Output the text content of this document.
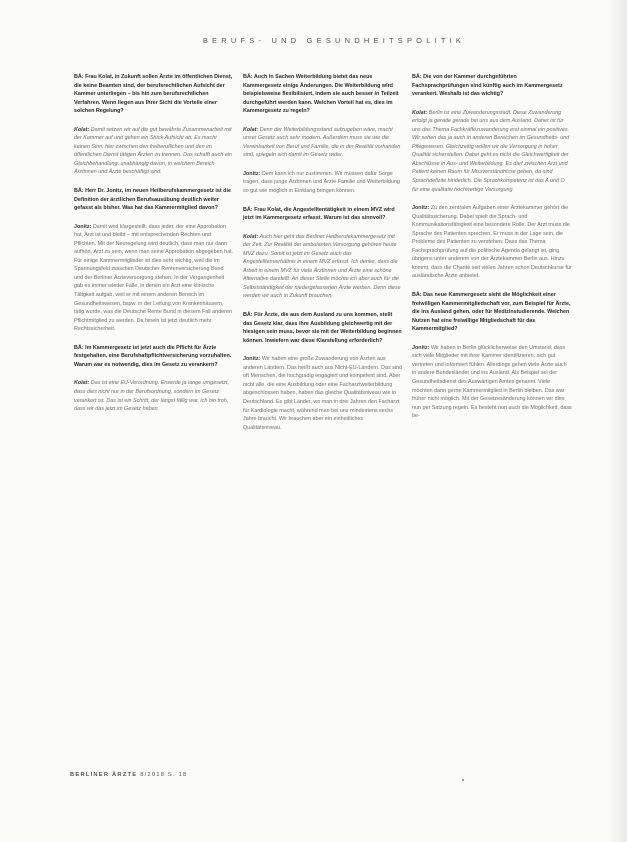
BERUFS- UND GESUNDHEITSPOLITIK

BÄ: Frau Kolat, in Zukunft sollen Ärzte im öffentlichen Dienst, die keine Beamten sind, der berufsrechtlichen Aufsicht der Kammer unterliegen – bis hin zum berufsrechtlichen Verfahren. Wenn liegen aus Ihrer Sicht die Vorteile einer solchen Regelung?

Kolat: Damit setzen wir auf die gut bewährte Zusammenarbeit mit der Kammer auf und gehen ein Stück Aufsicht ab. Es macht keinen Sinn, hier zwischen den freiberuflichen und den im öffentlichen Dienst tätigen Ärzten zu trennen. Das schafft auch ein Gleichbehandlung, unabhängig davon, in welchem Bereich Ärztinnen und Ärzte beschäftigt sind.

BÄ: Herr Dr. Jonitz, im neuen Heilberufskammergesetz ist die Definition der ärztlichen Berufsausübung deutlich weiter gefasst als bisher. Was hat das Kammermitglied davon?

Jonitz: Damit wird klargestellt, dass jeder, der eine Approbation hat, Arzt ist und bleibt – mit entsprechenden Rechten und Pflichten. Mit der Neuregelung wird deutlich, dass man nur dann aufhört, Arzt zu sein, wenn man seine Approbation abgegeben hat. Für einige Kammermitglieder ist dies sehr wichtig, weil die im Spannungsfeld zwischen Deutscher Rentenversicherung Bund und der Berliner Ärzteversorgung stehen. In der Vergangenheit gab es immer wieder Fälle, in denen ein Arzt eine klinische Tätigkeit aufgab, weil er mit einem anderen Bereich im Gesundheitswesen, bspw. in der Leitung von Krankenhäusern, tätig wurde, was die Deutsche Rente Bund in diesem Fall anderen Pflichtmitglied zu werden. Da hinein ist jetzt deutlich mehr Rechtssicherheit.

BÄ: Im Kammergesetz ist jetzt auch die Pflicht für Ärzte festgehalten, eine Berufshaftpflichtversicherung vorzuhalten. Warum war es notwendig, dies im Gesetz zu verankern?

Kolat: Das ist eine EU-Verordnung. Erwerde ja lange umgesetzt, dass dies nicht nur in der Berufsordnung, sondern im Gesetz verankert ist. Das ist ein Schritt, der längst fällig war, ich bin froh, dass wir das jetzt im Gesetz haben.

BÄ: Auch in Sachen Weiterbildung bietet das neue Kammergesetz einige Änderungen. Die Weiterbildung wird beispielsweise flexibilisiert, indem sie auch besser in Teilzeit durchgeführt werden kann. Welchen Vorteil hat es, dies im Kammergesetz zu regeln?

Kolat: Denn der Weiterbildungsstand aufzugeben wäre, macht unser Gesetz auch sehr modern. Außerdem muss sie wie die Vereinbarkeit von Beruf und Familie, die in der Realität vorhanden sind, spiegeln sich damit im Gesetz wider.

Jonitz: Dem kann ich nur zustimmen. Wir müssen dafür Sorge tragen, dass junge Ärztinnen und Ärzte Familie und Weiterbildung so gut wie möglich in Einklang bringen können.

BÄ: Frau Kolat, die Angestelltentätigkeit in einem MVZ wird jetzt im Kammergesetz erfasst. Warum ist das sinnvoll?

Kolat: Auch hier geht das Berliner Heilberufekammergesetz mit der Zeit. Zur Realität der ambulanten Versorgung gehören heute MVZ dazu. Somit ist jetzt im Gesetz auch das Angestelltenverhältnis in einem MVZ erfasst. Ich denke, dass die Arbeit in einem MVZ für viele Ärztinnen und Ärzte eine schöne Alternative darstellt. An dieser Stelle möchte ich aber auch für die Selbstständigkeit der niedergelassenen Ärzte werben. Denn diese werden wir auch in Zukunft brauchen.

BÄ: Für Ärzte, die aus dem Ausland zu uns kommen, stellt das Gesetz klar, dass ihre Ausbildung gleichwertig mit der hiesigen sein muss, bevor sie mit der Weiterbildung beginnen können. Inwiefern war diese Klarstellung erforderlich?

Jonitz: Wir haben eine große Zuwanderung von Ärzten aus anderen Ländern. Das heißt auch aus Nicht-EU-Ländern. Das sind oft Menschen, die hochgradig engagiert und kompetent sind. Aber nicht alle, die eine Ausbildung oder eine Facharztweiterbildung abgeschlossen haben, haben das gleiche Qualitätsniveau wie in Deutschland. Es gibt Länder, wo man in drei Jahren den Facharzt für Kardiologie macht, während man bei uns mindestens sechs Jahre braucht. Wir brauchen aber ein einheitliches Qualitätsniveau.

BÄ: Die von der Kammer durchgeführten Fachsprachprüfungen sind künftig auch im Kammergesetz verankert. Weshalb ist das wichtig?

Kolat: Berlin ist eine Zuwanderungsstadt. Diese Zuwanderung erfolgt ja gerade gerade bei uns aus dem Ausland. Daher ist für uns das Thema Fachkräftezuwanderung erst einmal ein positives. Wir sehen das ja auch in anderen Bereichen im Gesundheits- und Pflegewesen. Gleichzeitig wollen wir die Versorgung in hoher Qualität sicherstellen. Dabei geht es nicht die Gleichwertigkeit der Abschlüsse in Aus- und Weiterbildung. Es darf zwischen Arzt und Patient keinen Raum für Missverständnisse geben, da sind Sprachdefizite hinderlich. Die Sprachkompetenz ist das A und O für eine qualitativ hochwertige Versorgung.

Jonitz: Zu den zentralen Aufgaben einer Ärztekammer gehört die Qualitätssicherung. Dabei spielt die Sprach- und Kommunikationsfähigkeit eine besondere Rolle. Der Arzt muss die Sprache des Patienten sprechen. Er muss in der Lage sein, die Probleme des Patienten zu verstehen. Dass das Thema Fachsprachprüfung auf die politische Agenda gelangt ist, ging übrigens unter anderem von der Ärztekammer Berlin aus. Hinzu kommt, dass die Charité seit vielen Jahren schon Deutschkurse für ausländische Ärzte anbietet.

BÄ: Das neue Kammergesetz sieht die Möglichkeit einer freiwilligen Kammermitgliedschaft vor, zum Beispiel für Ärzte, die ins Ausland gehen, oder für Medizinstudierende. Welchen Nutzen hat eine freiwillige Mitgliedschaft für das Kammermitglied?

Jonitz: Wir haben in Berlin glücklicherweise den Umstand, dass sich viele Mitglieder mit ihrer Kammer identifizieren, sich gut vertreten und informiert fühlen. Allerdings gehen viele Ärzte auch in andere Bundesländer und ins Ausland. Als Beispiel sei der Gesundheitsdienst des Auswärtigen Amtes genannt. Viele möchten dann gerne Kammermitglied in Berlin bleiben. Das war früher nicht möglich. Mit der Gesetzesänderung können wir dies nun per Satzung regeln. Es besteht nun auch die Möglichkeit, dass be-

BERLINER ÄRZTE 8/2018 S. 18
